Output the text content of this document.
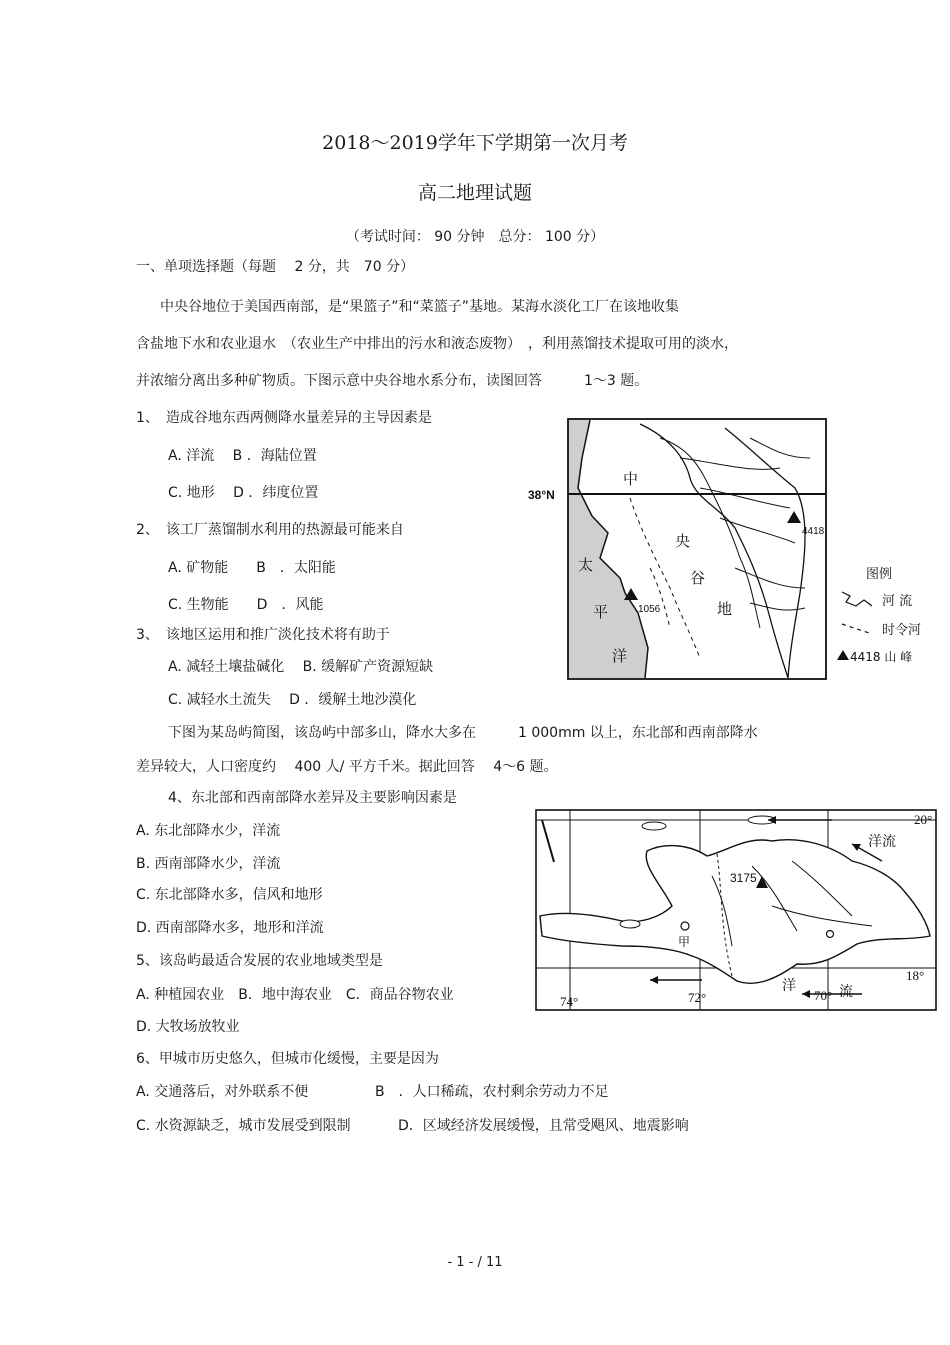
2018～2019学年下学期第一次月考
高二地理试题
（考试时间： 90 分钟　总分： 100 分）
一、单项选择题（每题　 2 分，共　70 分）
中央谷地位于美国西南部，是“果篮子”和“菜篮子”基地。某海水淡化工厂在该地收集
含盐地下水和农业退水　（农业生产中排出的污水和液态废物）　，利用蒸馏技术提取可用的淡水，
并浓缩分离出多种矿物质。下图示意中央谷地水系分布，读图回答　　　1～3 题。
1、　造成谷地东西两侧降水量差异的主导因素是
A. 洋流　 B ．海陆位置
C. 地形　 D ．纬度位置
2、　该工厂蒸馏制水利用的热源最可能来自
A. 矿物能　　B　．太阳能
C. 生物能　　D　．风能
3、　该地区运用和推广淡化技术将有助于
A. 减轻土壤盐碱化　 B. 缓解矿产资源短缺
C. 减轻水土流失　 D ．缓解土地沙漠化
下图为某岛屿简图，该岛屿中部多山，降水大多在　　　1 000mm 以上，东北部和西南部降水
差异较大，人口密度约　 400 人/ 平方千米。据此回答　 4～6 题。
4、东北部和西南部降水差异及主要影响因素是
A. 东北部降水少，洋流
B. 西南部降水少，洋流
C. 东北部降水多，信风和地形
D. 西南部降水多，地形和洋流
5、该岛屿最适合发展的农业地域类型是
A. 种植园农业　B．地中海农业　C．商品谷物农业
D. 大牧场放牧业
6、甲城市历史悠久，但城市化缓慢，主要是因为
A. 交通落后，对外联系不便	B　．人口稀疏，农村剩余劳动力不足
C. 水资源缺乏，城市发展受到限制	D．区域经济发展缓慢，且常受飓风、地震影响
38°N
4418
1056
中
央
谷
地
太
平
洋
图例
河 流
时令河
4418 山 峰
3175
甲
20°
18°
74°	72°	70°
洋流
洋	流
- 1 - / 11
